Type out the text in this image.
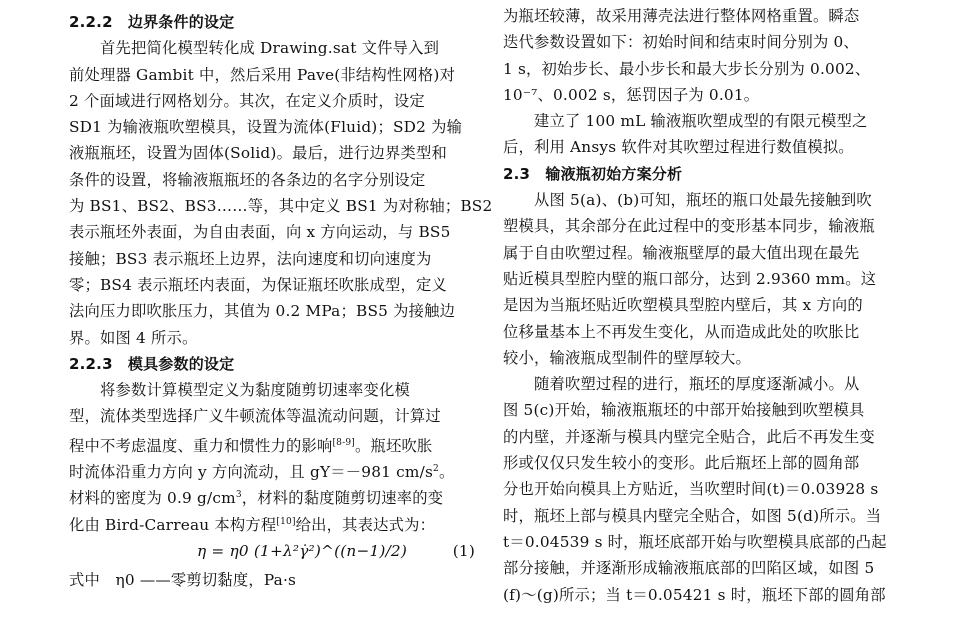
2.2.2　边界条件的设定
首先把简化模型转化成 Drawing.sat 文件导入到
前处理器 Gambit 中，然后采用 Pave(非结构性网格)对
2 个面域进行网格划分。其次，在定义介质时，设定
SD1 为输液瓶吹塑模具，设置为流体(Fluid)；SD2 为输
液瓶瓶坯，设置为固体(Solid)。最后，进行边界类型和
条件的设置，将输液瓶瓶坯的各条边的名字分别设定
为 BS1、BS2、BS3……等，其中定义 BS1 为对称轴；BS2
表示瓶坯外表面，为自由表面，向 x 方向运动，与 BS5
接触；BS3 表示瓶坯上边界，法向速度和切向速度为
零；BS4 表示瓶坯内表面，为保证瓶坯吹胀成型，定义
法向压力即吹胀压力，其值为 0.2 MPa；BS5 为接触边
界。如图 4 所示。
2.2.3　模具参数的设定
将参数计算模型定义为黏度随剪切速率变化模
型，流体类型选择广义牛顿流体等温流动问题，计算过
程中不考虑温度、重力和惯性力的影响[8-9]。瓶坯吹胀
时流体沿重力方向 y 方向流动，且 gY＝－981 $cm/s^2$。
材料的密度为 0.9 $g/cm^3$，材料的黏度随剪切速率的变
化由 Bird-Carreau 本构方程[10]给出，其表达式为：
η = η0 (1+λ²γ̇²)^((n−1)/2)	(1)
式中　η0 ——零剪切黏度，Pa·s
为瓶坯较薄，故采用薄壳法进行整体网格重置。瞬态
迭代参数设置如下：初始时间和结束时间分别为 0、
1 s，初始步长、最小步长和最大步长分别为 0.002、
10⁻⁷、0.002 s，惩罚因子为 0.01。
建立了 100 mL 输液瓶吹塑成型的有限元模型之
后，利用 Ansys 软件对其吹塑过程进行数值模拟。
2.3　输液瓶初始方案分析
从图 5(a)、(b)可知，瓶坯的瓶口处最先接触到吹
塑模具，其余部分在此过程中的变形基本同步，输液瓶
属于自由吹塑过程。输液瓶壁厚的最大值出现在最先
贴近模具型腔内壁的瓶口部分，达到 2.9360 mm。这
是因为当瓶坯贴近吹塑模具型腔内壁后，其 x 方向的
位移量基本上不再发生变化，从而造成此处的吹胀比
较小，输液瓶成型制件的壁厚较大。
随着吹塑过程的进行，瓶坯的厚度逐渐减小。从
图 5(c)开始，输液瓶瓶坯的中部开始接触到吹塑模具
的内壁，并逐渐与模具内壁完全贴合，此后不再发生变
形或仅仅只发生较小的变形。此后瓶坯上部的圆角部
分也开始向模具上方贴近，当吹塑时间(t)＝0.03928 s
时，瓶坯上部与模具内壁完全贴合，如图 5(d)所示。当
t＝0.04539 s 时，瓶坯底部开始与吹塑模具底部的凸起
部分接触，并逐渐形成输液瓶底部的凹陷区域，如图 5
(f)～(g)所示；当 t＝0.05421 s 时，瓶坯下部的圆角部
